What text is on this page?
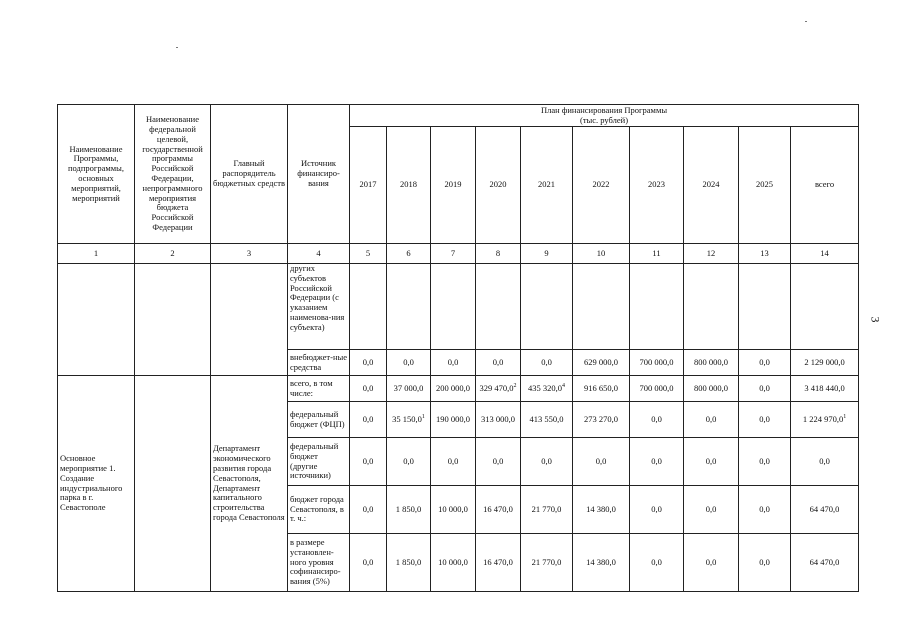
3
Наименование Программы, подпрограммы, основных мероприятий, мероприятий	Наименование федеральной целевой, государственной программы Российской Федерации, непрограммного мероприятия бюджета Российской Федерации	Главный распорядитель бюджетных средств	Источник финансиро-вания	План финансирования Программы
(тыс. рублей)									

				2017	2018	2019	2020	2021	2022	2023	2024	2025	всего
1	2	3	4	5	6	7	8	9	10	11	12	13	14
			других субъектов Российской Федерации (с указанием наименова-ния субъекта)										
			внебюджет-ные средства	0,0	0,0	0,0	0,0	0,0	629 000,0	700 000,0	800 000,0	0,0	2 129 000,0
Основное мероприятие 1. Создание индустриального парка в г. Севастополе		Департамент экономического развития города Севастополя, Департамент капитального строительства города Севастополя	всего, в том числе:	0,0	37 000,0	200 000,0	329 470,0$^2$	435 320,0$^4$	916 650,0	700 000,0	800 000,0	0,0	3 418 440,0
			федеральный бюджет (ФЦП)	0,0	35 150,0$^1$	190 000,0	313 000,0	413 550,0	273 270,0	0,0	0,0	0,0	1 224 970,0$^1$
			федеральный бюджет (другие источники)	0,0	0,0	0,0	0,0	0,0	0,0	0,0	0,0	0,0	0,0
			бюджет города Севастополя, в т. ч.:	0,0	1 850,0	10 000,0	16 470,0	21 770,0	14 380,0	0,0	0,0	0,0	64 470,0
			в размере установлен-ного уровня софинансиро-вания (5%)	0,0	1 850,0	10 000,0	16 470,0	21 770,0	14 380,0	0,0	0,0	0,0	64 470,0
